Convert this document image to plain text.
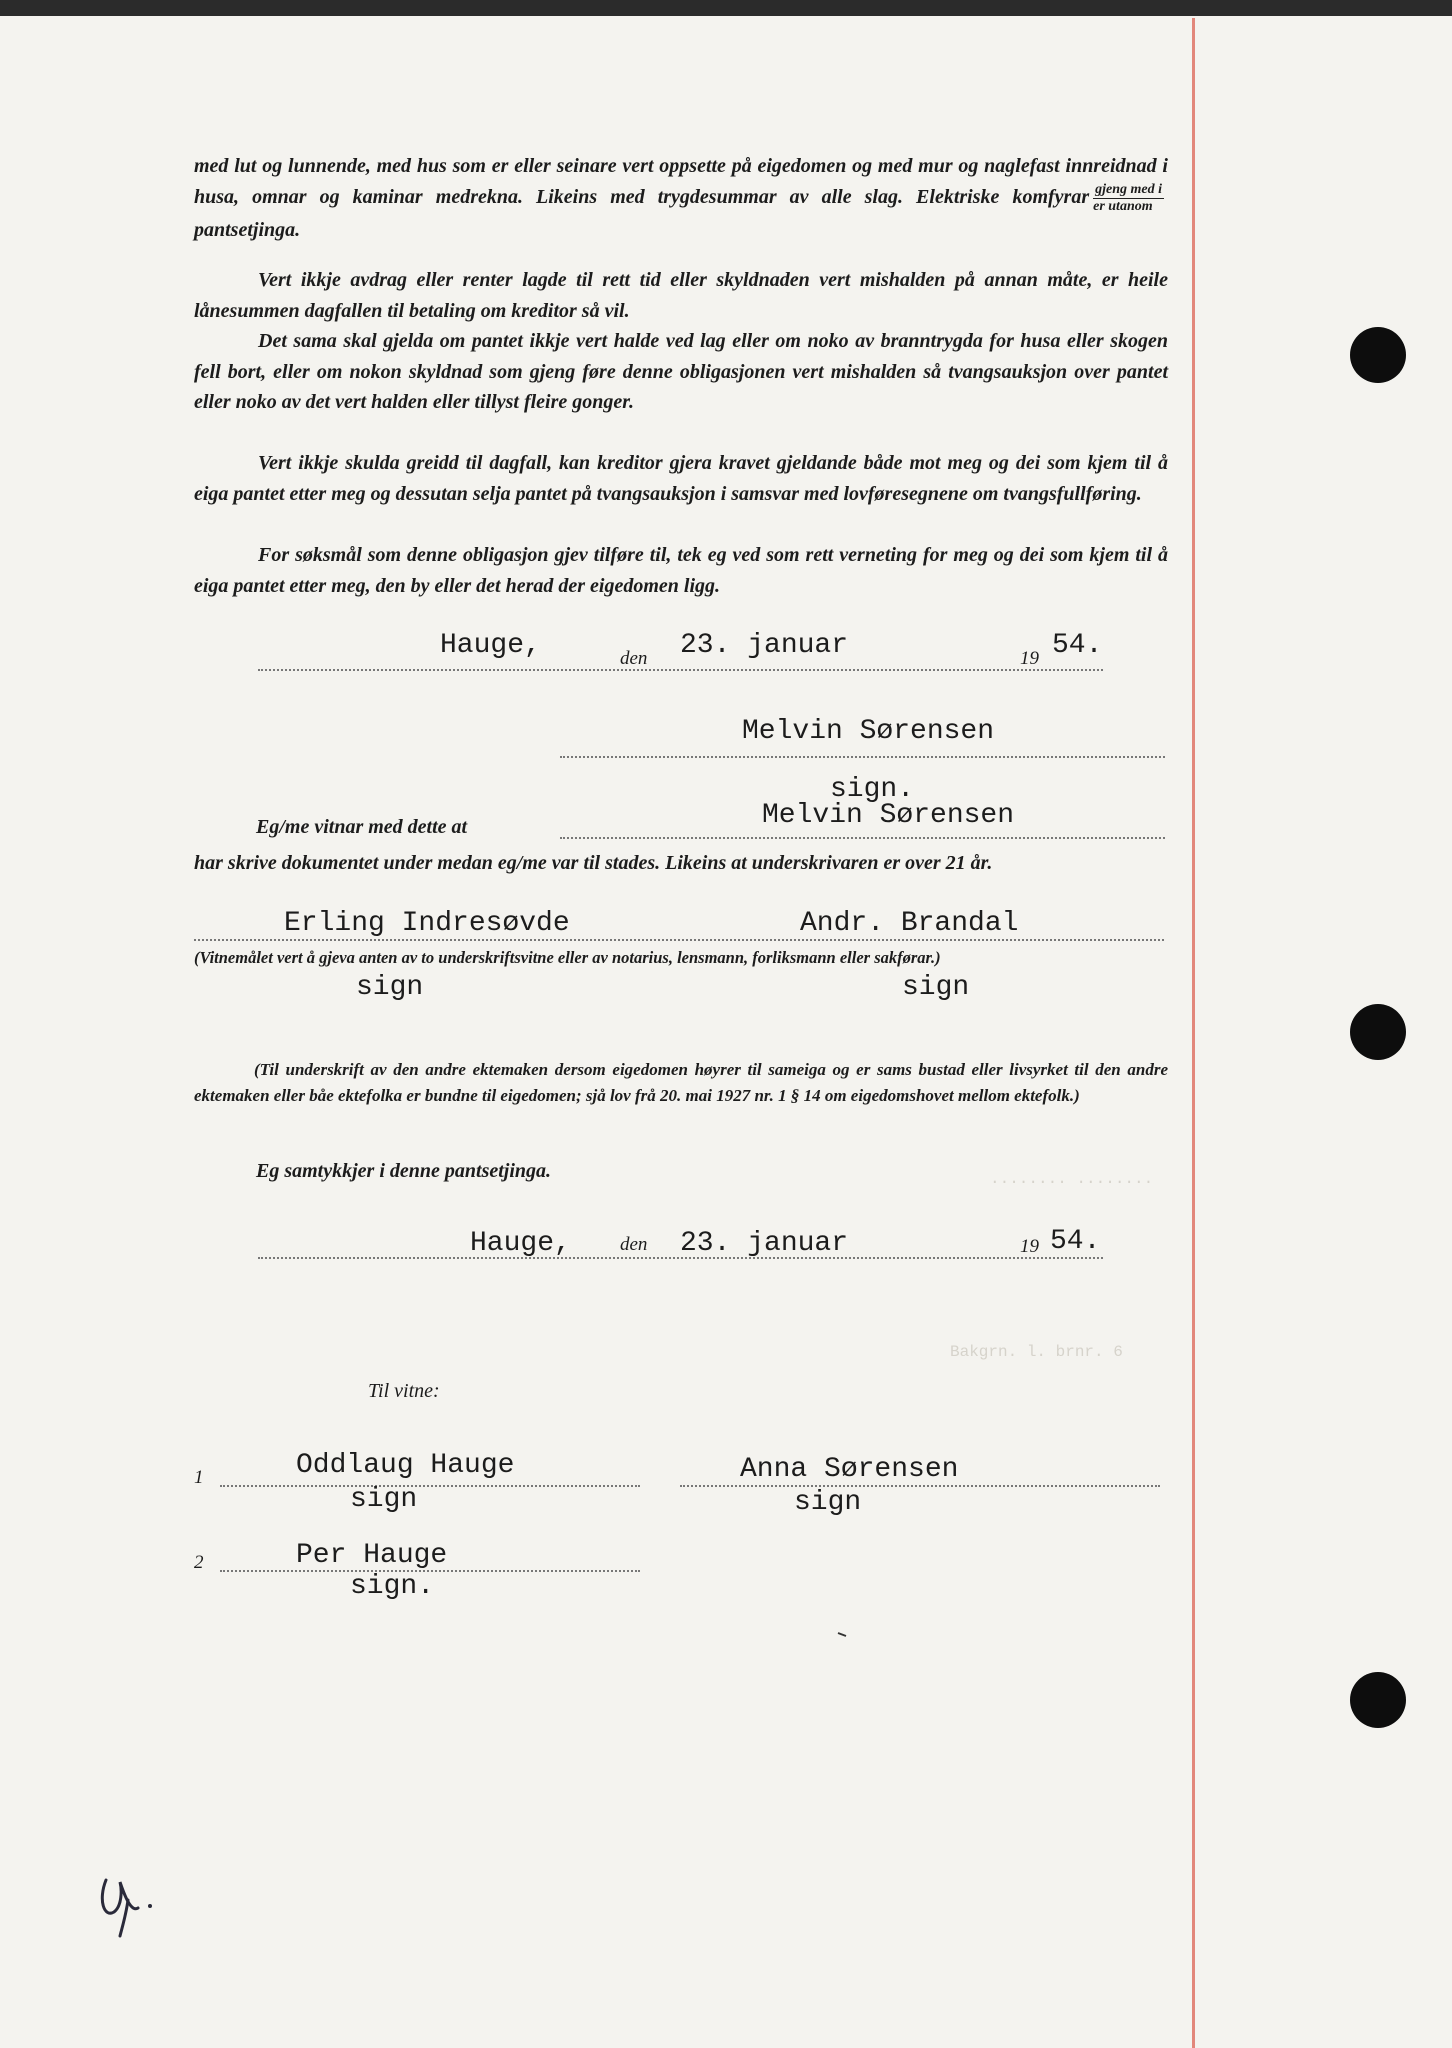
Bakgrn. l. brnr. 6
........ ........

med lut og lunnende, med hus som er eller seinare vert oppsette på eigedomen og med mur og naglefast innreidnad i husa, omnar og kaminar medrekna. Likeins med trygdesummar av alle slag. Elektriske komfyrar $\frac{\text{gjeng med i}}{\text{er utanom}}$
pantsetjinga.

Vert ikkje avdrag eller renter lagde til rett tid eller skyldnaden vert mishalden på annan måte, er heile lånesummen dagfallen til betaling om kreditor så vil.

Det sama skal gjelda om pantet ikkje vert halde ved lag eller om noko av branntrygda for husa eller skogen fell bort, eller om nokon skyldnad som gjeng føre denne obligasjonen vert mishalden så tvangsauksjon over pantet eller noko av det vert halden eller tillyst fleire gonger.

Vert ikkje skulda greidd til dagfall, kan kreditor gjera kravet gjeldande både mot meg og dei som kjem til å eiga pantet etter meg og dessutan selja pantet på tvangsauksjon i samsvar med lovføresegnene om tvangsfullføring.

For søksmål som denne obligasjon gjev tilføre til, tek eg ved som rett verneting for meg og dei som kjem til å eiga pantet etter meg, den by eller det herad der eigedomen ligg.

Hauge,	den 23. januar	19 54.
Melvin Sørensen
sign.
Eg/me vitnar med dette at	Melvin Sørensen

har skrive dokumentet under medan eg/me var til stades. Likeins at underskrivaren er over 21 år.

Erling Indresøvde	Andr. Brandal
(Vitnemålet vert å gjeva anten av to underskriftsvitne eller av notarius, lensmann, forliksmann eller sakførar.)
sign	sign

(Til underskrift av den andre ektemaken dersom eigedomen høyrer til sameiga og er sams bustad eller livsyrket til den andre ektemaken eller båe ektefolka er bundne til eigedomen; sjå lov frå 20. mai 1927 nr. 1 § 14 om eigedomshovet mellom ektefolk.)

Eg samtykkjer i denne pantsetjinga.
Hauge,	den 23. januar	19 54.
Til vitne:
1	Oddlaug Hauge
sign
Anna Sørensen
sign
2	Per Hauge
sign.
